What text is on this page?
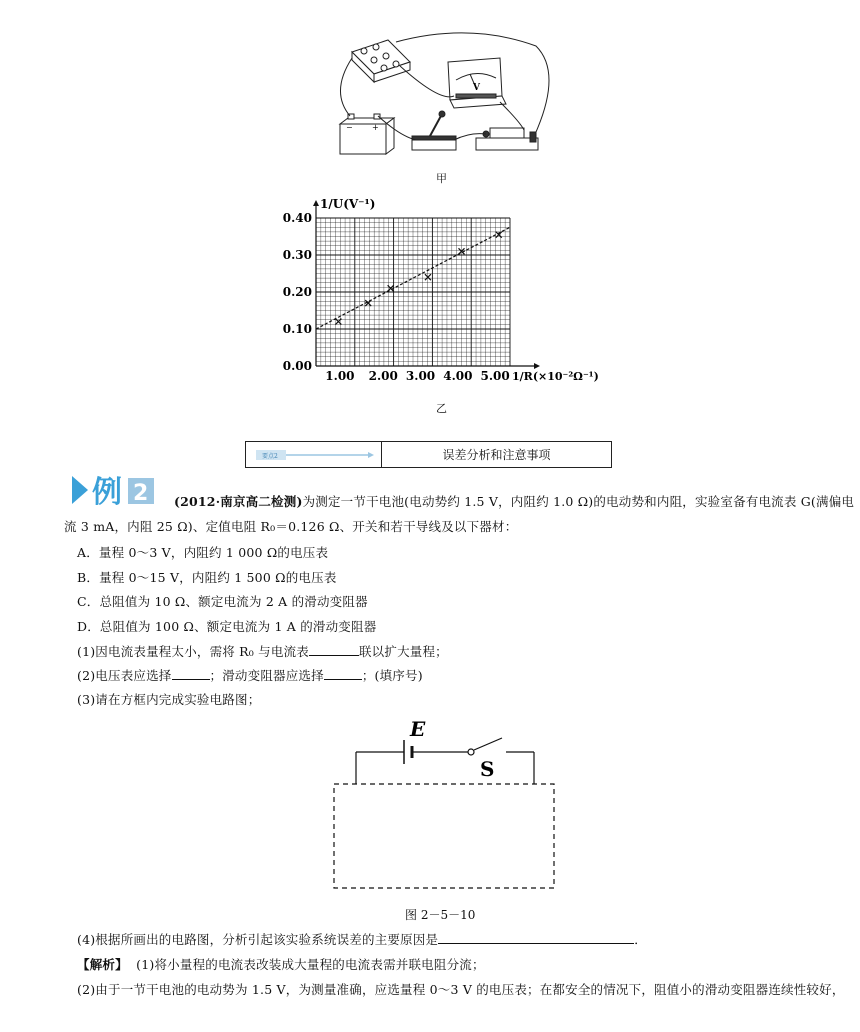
V
− +
甲
0.40
0.30
0.20
0.10
0.00
1.00 2.00 3.00 4.00 5.00
1/U(V⁻¹)
1/R(×10⁻²Ω⁻¹)
乙
要点2	误差分析和注意事项
例 2 (2012·南京高二检测)为测定一节干电池(电动势约 1.5 V，内阻约 1.0 Ω)的电动势和内阻，实验室备有电流表 G(满偏电
流 3 mA，内阻 25 Ω)、定值电阻 R₀＝0.126 Ω、开关和若干导线及以下器材：
A．量程 0～3 V，内阻约 1 000 Ω的电压表
B．量程 0～15 V，内阻约 1 500 Ω的电压表
C．总阻值为 10 Ω、额定电流为 2 A 的滑动变阻器
D．总阻值为 100 Ω、额定电流为 1 A 的滑动变阻器
(1)因电流表量程太小，需将 R₀ 与电流表	联以扩大量程；
(2)电压表应选择	；滑动变阻器应选择	；(填序号)
(3)请在方框内完成实验电路图；
E
S
图 2－5－10
(4)根据所画出的电路图，分析引起该实验系统误差的主要原因是	．
【解析】 (1)将小量程的电流表改装成大量程的电流表需并联电阻分流；
(2)由于一节干电池的电动势为 1.5 V，为测量准确，应选量程 0～3 V 的电压表；在都安全的情况下，阻值小的滑动变阻器连续性较好，
